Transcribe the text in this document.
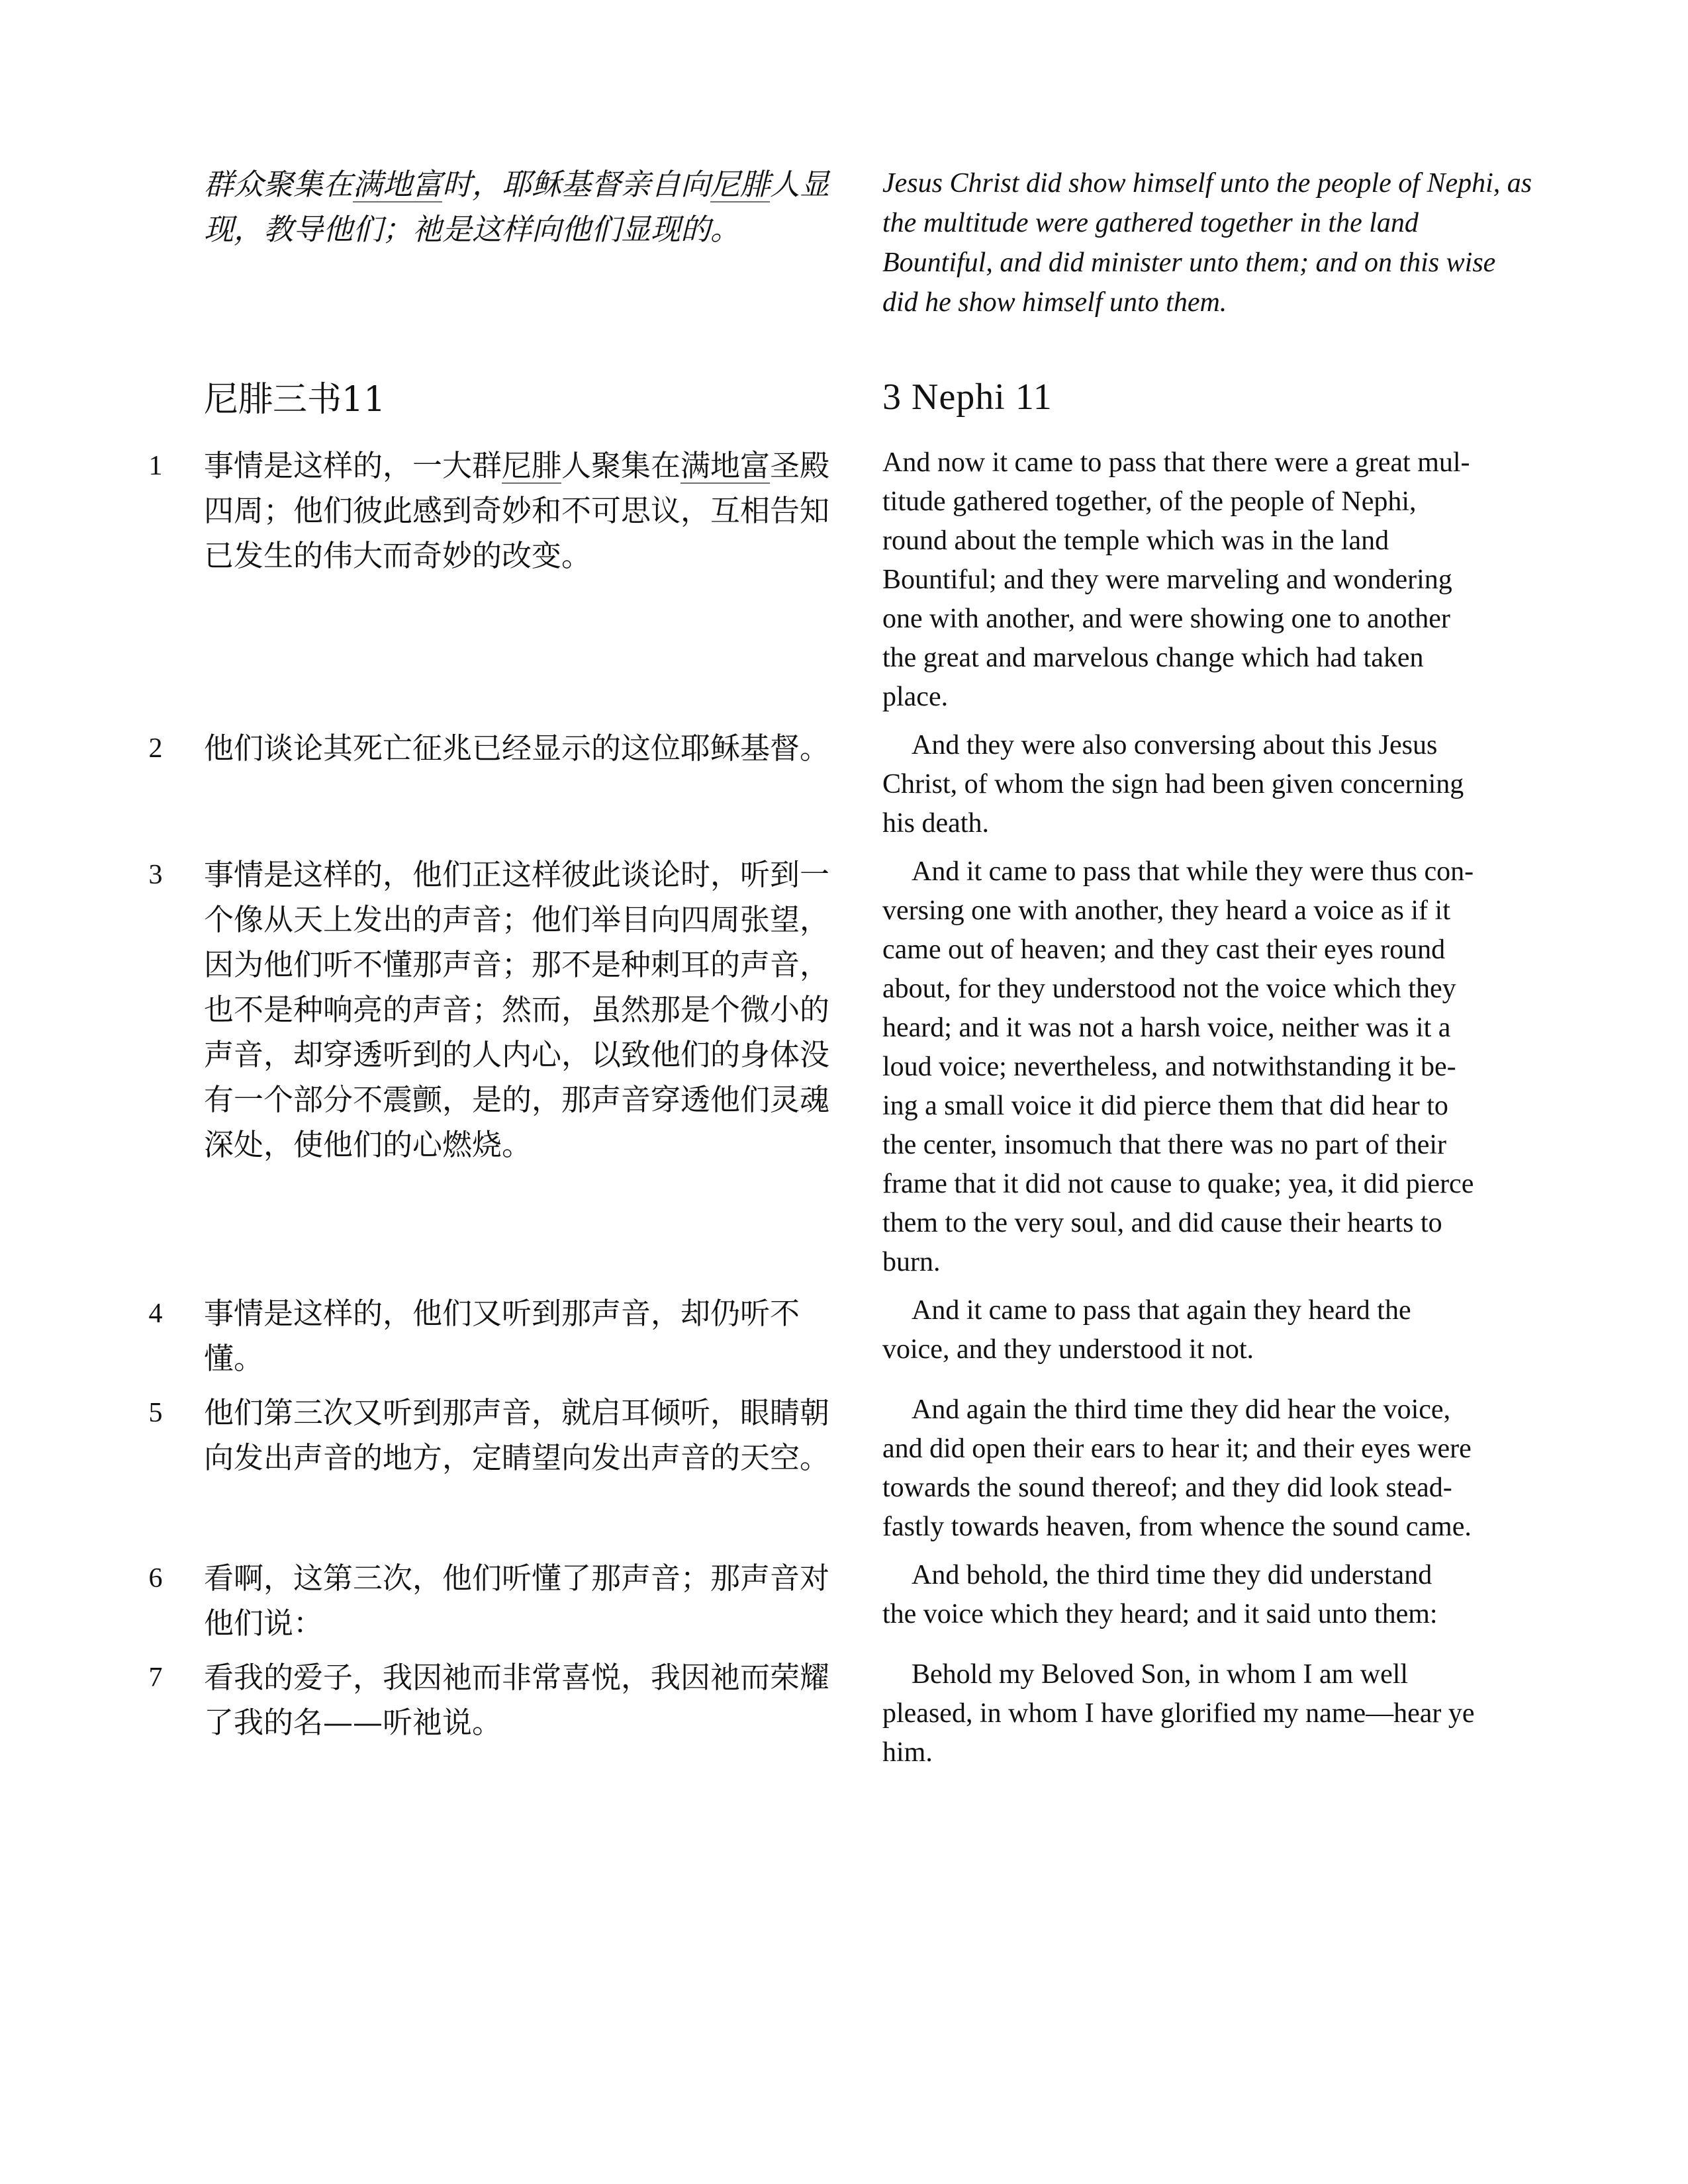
群众聚集在满地富时，耶稣基督亲自向尼腓人显
现，教导他们；祂是这样向他们显现的。
Jesus Christ did show himself unto the people of Nephi, as
the multitude were gathered together in the land
Bountiful, and did minister unto them; and on this wise
did he show himself unto them.
尼腓三书11	3 Nephi 11
1 事情是这样的，一大群尼腓人聚集在满地富圣殿
四周；他们彼此感到奇妙和不可思议，互相告知
已发生的伟大而奇妙的改变。
And now it came to pass that there were a great mul-
titude gathered together, of the people of Nephi,
round about the temple which was in the land
Bountiful; and they were marveling and wondering
one with another, and were showing one to another
the great and marvelous change which had taken
place.
2 他们谈论其死亡征兆已经显示的这位耶稣基督。	And they were also conversing about this Jesus
Christ, of whom the sign had been given concerning
his death.
3 事情是这样的，他们正这样彼此谈论时，听到一
个像从天上发出的声音；他们举目向四周张望，
因为他们听不懂那声音；那不是种刺耳的声音，
也不是种响亮的声音；然而，虽然那是个微小的
声音，却穿透听到的人内心，以致他们的身体没
有一个部分不震颤，是的，那声音穿透他们灵魂
深处，使他们的心燃烧。
And it came to pass that while they were thus con-
versing one with another, they heard a voice as if it
came out of heaven; and they cast their eyes round
about, for they understood not the voice which they
heard; and it was not a harsh voice, neither was it a
loud voice; nevertheless, and notwithstanding it be-
ing a small voice it did pierce them that did hear to
the center, insomuch that there was no part of their
frame that it did not cause to quake; yea, it did pierce
them to the very soul, and did cause their hearts to
burn.
4 事情是这样的，他们又听到那声音，却仍听不
懂。
And it came to pass that again they heard the
voice, and they understood it not.
5 他们第三次又听到那声音，就启耳倾听，眼睛朝
向发出声音的地方，定睛望向发出声音的天空。
And again the third time they did hear the voice,
and did open their ears to hear it; and their eyes were
towards the sound thereof; and they did look stead-
fastly towards heaven, from whence the sound came.
6 看啊，这第三次，他们听懂了那声音；那声音对
他们说：
And behold, the third time they did understand
the voice which they heard; and it said unto them:
7 看我的爱子，我因祂而非常喜悦，我因祂而荣耀
了我的名——听祂说。
Behold my Beloved Son, in whom I am well
pleased, in whom I have glorified my name—hear ye
him.
